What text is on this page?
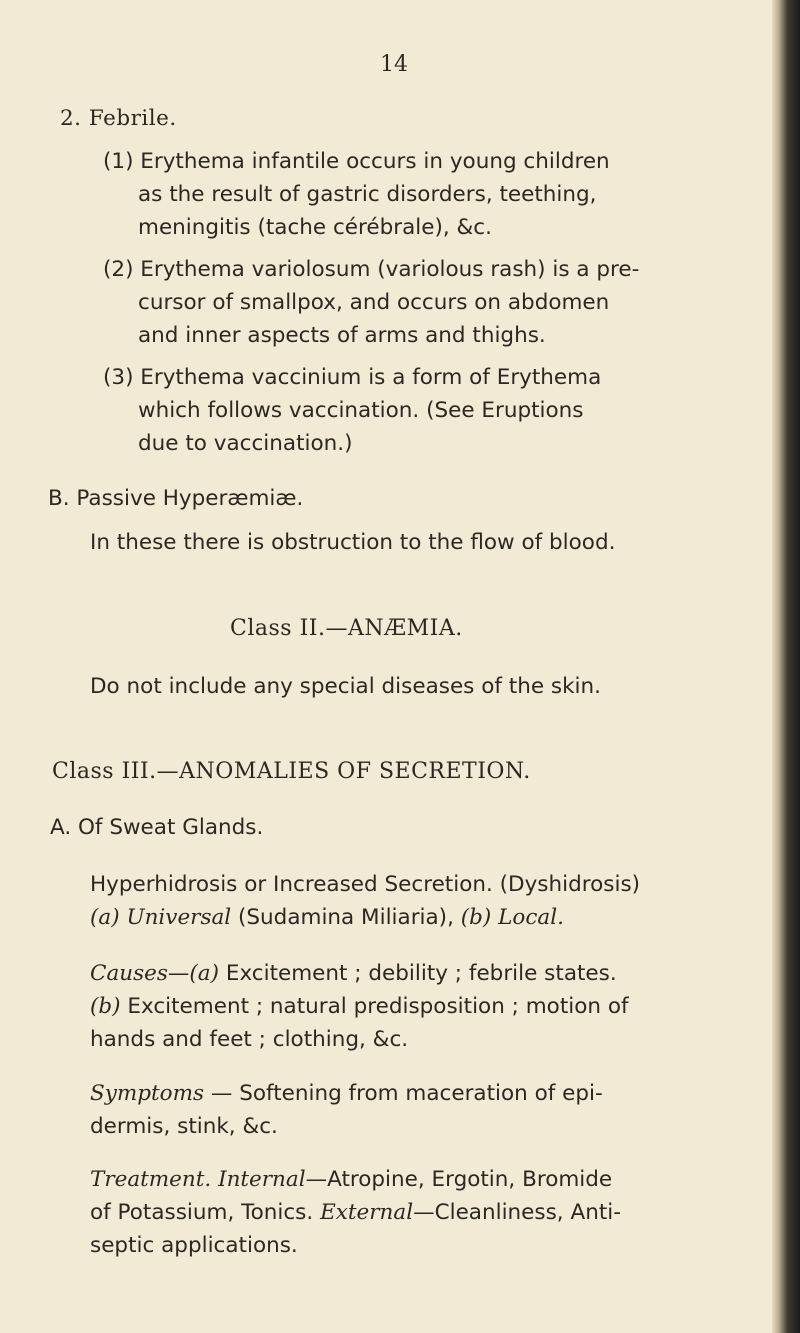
14
2. Febrile.
(1) Erythema infantile occurs in young children
as the result of gastric disorders, teething,
meningitis (tache cérébrale), &c.
(2) Erythema variolosum (variolous rash) is a pre-
cursor of smallpox, and occurs on abdomen
and inner aspects of arms and thighs.
(3) Erythema vaccinium is a form of Erythema
which follows vaccination. (See Eruptions
due to vaccination.)
B. Passive Hyperæmiæ.
In these there is obstruction to the flow of blood.
Class II.—ANÆMIA.
Do not include any special diseases of the skin.
Class III.—ANOMALIES OF SECRETION.
A. Of Sweat Glands.
Hyperhidrosis or Increased Secretion. (Dyshidrosis)
(a) Universal (Sudamina Miliaria), (b) Local.
Causes—(a) Excitement ; debility ; febrile states.
(b) Excitement ; natural predisposition ; motion of
hands and feet ; clothing, &c.
Symptoms — Softening from maceration of epi-
dermis, stink, &c.
Treatment. Internal—Atropine, Ergotin, Bromide
of Potassium, Tonics. External—Cleanliness, Anti-
septic applications.
